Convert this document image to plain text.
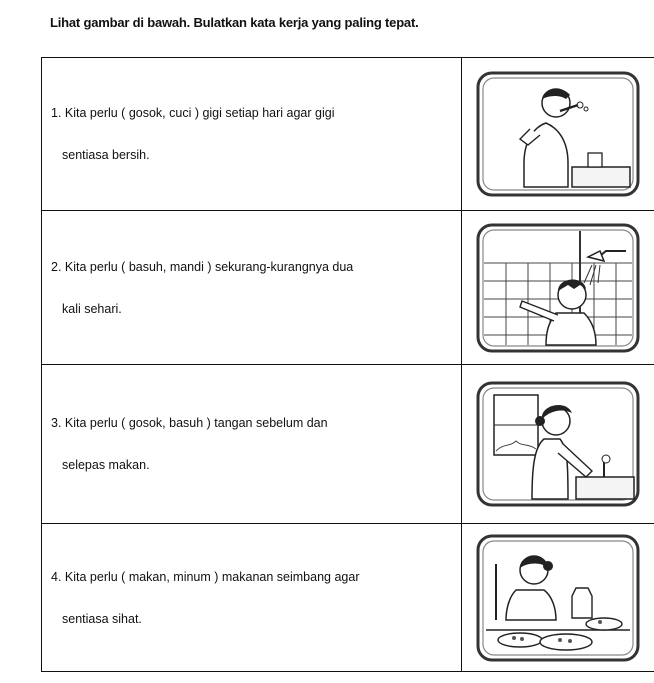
Lihat gambar di bawah. Bulatkan kata kerja yang paling tepat.
1. Kita perlu ( gosok, cuci ) gigi setiap hari agar gigi
sentiasa bersih.

2. Kita perlu ( basuh, mandi ) sekurang-kurangnya dua
kali sehari.

3. Kita perlu ( gosok, basuh ) tangan sebelum dan
selepas makan.

4. Kita perlu ( makan, minum ) makanan seimbang agar
sentiasa sihat.
